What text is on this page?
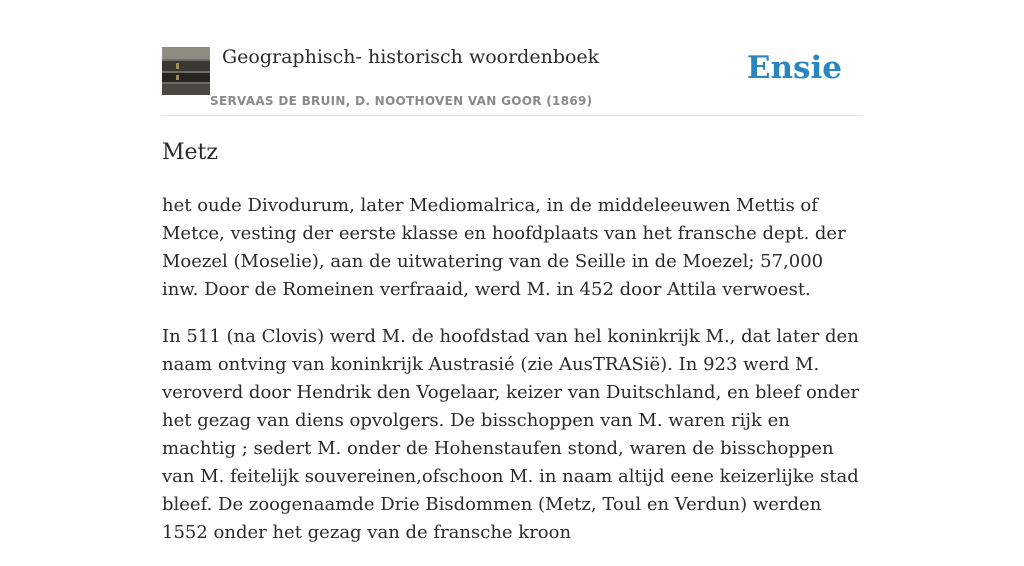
Geographisch- historisch woordenboek
SERVAAS DE BRUIN, D. NOOTHOVEN VAN GOOR (1869)
Ensie
Metz

het oude Divodurum, later Mediomalrica, in de middeleeuwen Mettis of Metce, vesting der eerste klasse en hoofdplaats van het fransche dept. der Moezel (Moselie), aan de uitwatering van de Seille in de Moezel; 57,000 inw. Door de Romeinen verfraaid, werd M. in 452 door Attila verwoest.

In 511 (na Clovis) werd M. de hoofdstad van hel koninkrijk M., dat later den naam ontving van koninkrijk Austrasié (zie AusTRASië). In 923 werd M. veroverd door Hendrik den Vogelaar, keizer van Duitschland, en bleef onder het gezag van diens opvolgers. De bisschoppen van M. waren rijk en machtig ; sedert M. onder de Hohenstaufen stond, waren de bisschoppen van M. feitelijk souvereinen,ofschoon M. in naam altijd eene keizerlijke stad bleef. De zoogenaamde Drie Bisdommen (Metz, Toul en Verdun) werden 1552 onder het gezag van de fransche kroon
